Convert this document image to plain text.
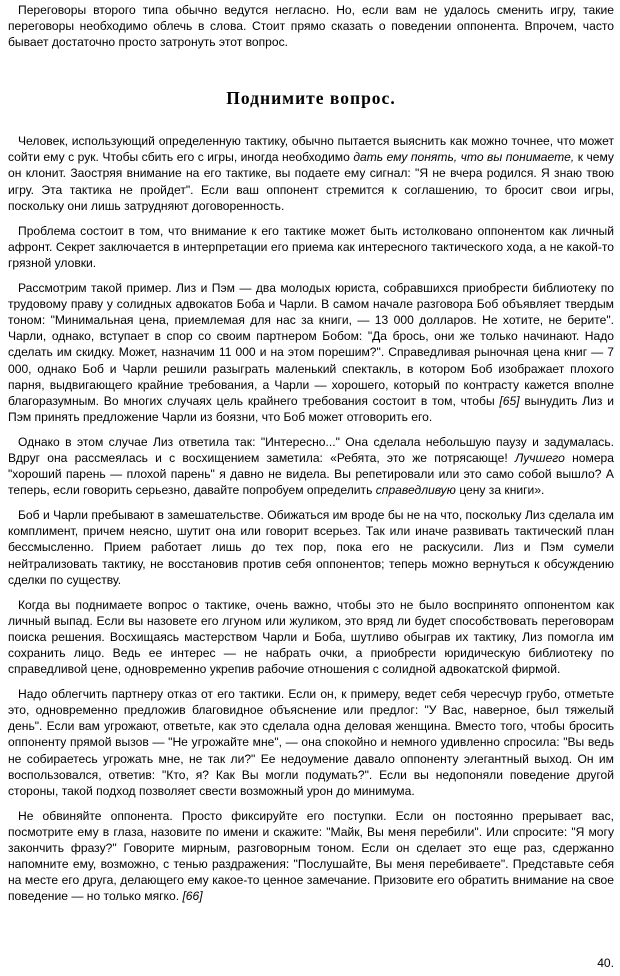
Переговоры второго типа обычно ведутся негласно. Но, если вам не удалось сменить игру, такие переговоры необходимо облечь в слова. Стоит прямо сказать о поведении оппонента. Впрочем, часто бывает достаточно просто затронуть этот вопрос.

Поднимите вопрос.

Человек, использующий определенную тактику, обычно пытается выяснить как можно точнее, что может сойти ему с рук. Чтобы сбить его с игры, иногда необходимо дать ему понять, что вы понимаете, к чему он клонит. Заостряя внимание на его тактике, вы подаете ему сигнал: "Я не вчера родился. Я знаю твою игру. Эта тактика не пройдет". Если ваш оппонент стремится к соглашению, то бросит свои игры, поскольку они лишь затрудняют договоренность.

Проблема состоит в том, что внимание к его тактике может быть истолковано оппонентом как личный афронт. Секрет заключается в интерпретации его приема как интересного тактического хода, а не какой-то грязной уловки.

Рассмотрим такой пример. Лиз и Пэм — два молодых юриста, собравшихся приобрести библиотеку по трудовому праву у солидных адвокатов Боба и Чарли. В самом начале разговора Боб объявляет твердым тоном: "Минимальная цена, приемлемая для нас за книги, — 13 000 долларов. Не хотите, не берите". Чарли, однако, вступает в спор со своим партнером Бобом: "Да брось, они же только начинают. Надо сделать им скидку. Может, назначим 11 000 и на этом порешим?". Справедливая рыночная цена книг — 7 000, однако Боб и Чарли решили разыграть маленький спектакль, в котором Боб изображает плохого парня, выдвигающего крайние требования, а Чарли — хорошего, который по контрасту кажется вполне благоразумным. Во многих случаях цель крайнего требования состоит в том, чтобы [65] вынудить Лиз и Пэм принять предложение Чарли из боязни, что Боб может отговорить его.

Однако в этом случае Лиз ответила так: "Интересно..." Она сделала небольшую паузу и задумалась. Вдруг она рассмеялась и с восхищением заметила: «Ребята, это же потрясающе! Лучшего номера "хороший парень — плохой парень" я давно не видела. Вы репетировали или это само собой вышло? А теперь, если говорить серьезно, давайте попробуем определить справедливую цену за книги».

Боб и Чарли пребывают в замешательстве. Обижаться им вроде бы не на что, поскольку Лиз сделала им комплимент, причем неясно, шутит она или говорит всерьез. Так или иначе развивать тактический план бессмысленно. Прием работает лишь до тех пор, пока его не раскусили. Лиз и Пэм сумели нейтрализовать тактику, не восстановив против себя оппонентов; теперь можно вернуться к обсуждению сделки по существу.

Когда вы поднимаете вопрос о тактике, очень важно, чтобы это не было воспринято оппонентом как личный выпад. Если вы назовете его лгуном или жуликом, это вряд ли будет способствовать переговорам поиска решения. Восхищаясь мастерством Чарли и Боба, шутливо обыграв их тактику, Лиз помогла им сохранить лицо. Ведь ее интерес — не набрать очки, а приобрести юридическую библиотеку по справедливой цене, одновременно укрепив рабочие отношения с солидной адвокатской фирмой.

Надо облегчить партнеру отказ от его тактики. Если он, к примеру, ведет себя чересчур грубо, отметьте это, одновременно предложив благовидное объяснение или предлог: "У Вас, наверное, был тяжелый день". Если вам угрожают, ответьте, как это сделала одна деловая женщина. Вместо того, чтобы бросить оппоненту прямой вызов — "Не угрожайте мне", — она спокойно и немного удивленно спросила: "Вы ведь не собираетесь угрожать мне, не так ли?" Ее недоумение давало оппоненту элегантный выход. Он им воспользовался, ответив: "Кто, я? Как Вы могли подумать?". Если вы недопоняли поведение другой стороны, такой подход позволяет свести возможный урон до минимума.

Не обвиняйте оппонента. Просто фиксируйте его поступки. Если он постоянно прерывает вас, посмотрите ему в глаза, назовите по имени и скажите: "Майк, Вы меня перебили". Или спросите: "Я могу закончить фразу?" Говорите мирным, разговорным тоном. Если он сделает это еще раз, сдержанно напомните ему, возможно, с тенью раздражения: "Послушайте, Вы меня перебиваете". Представьте себя на месте его друга, делающего ему какое-то ценное замечание. Призовите его обратить внимание на свое поведение — но только мягко. [66]

40.
